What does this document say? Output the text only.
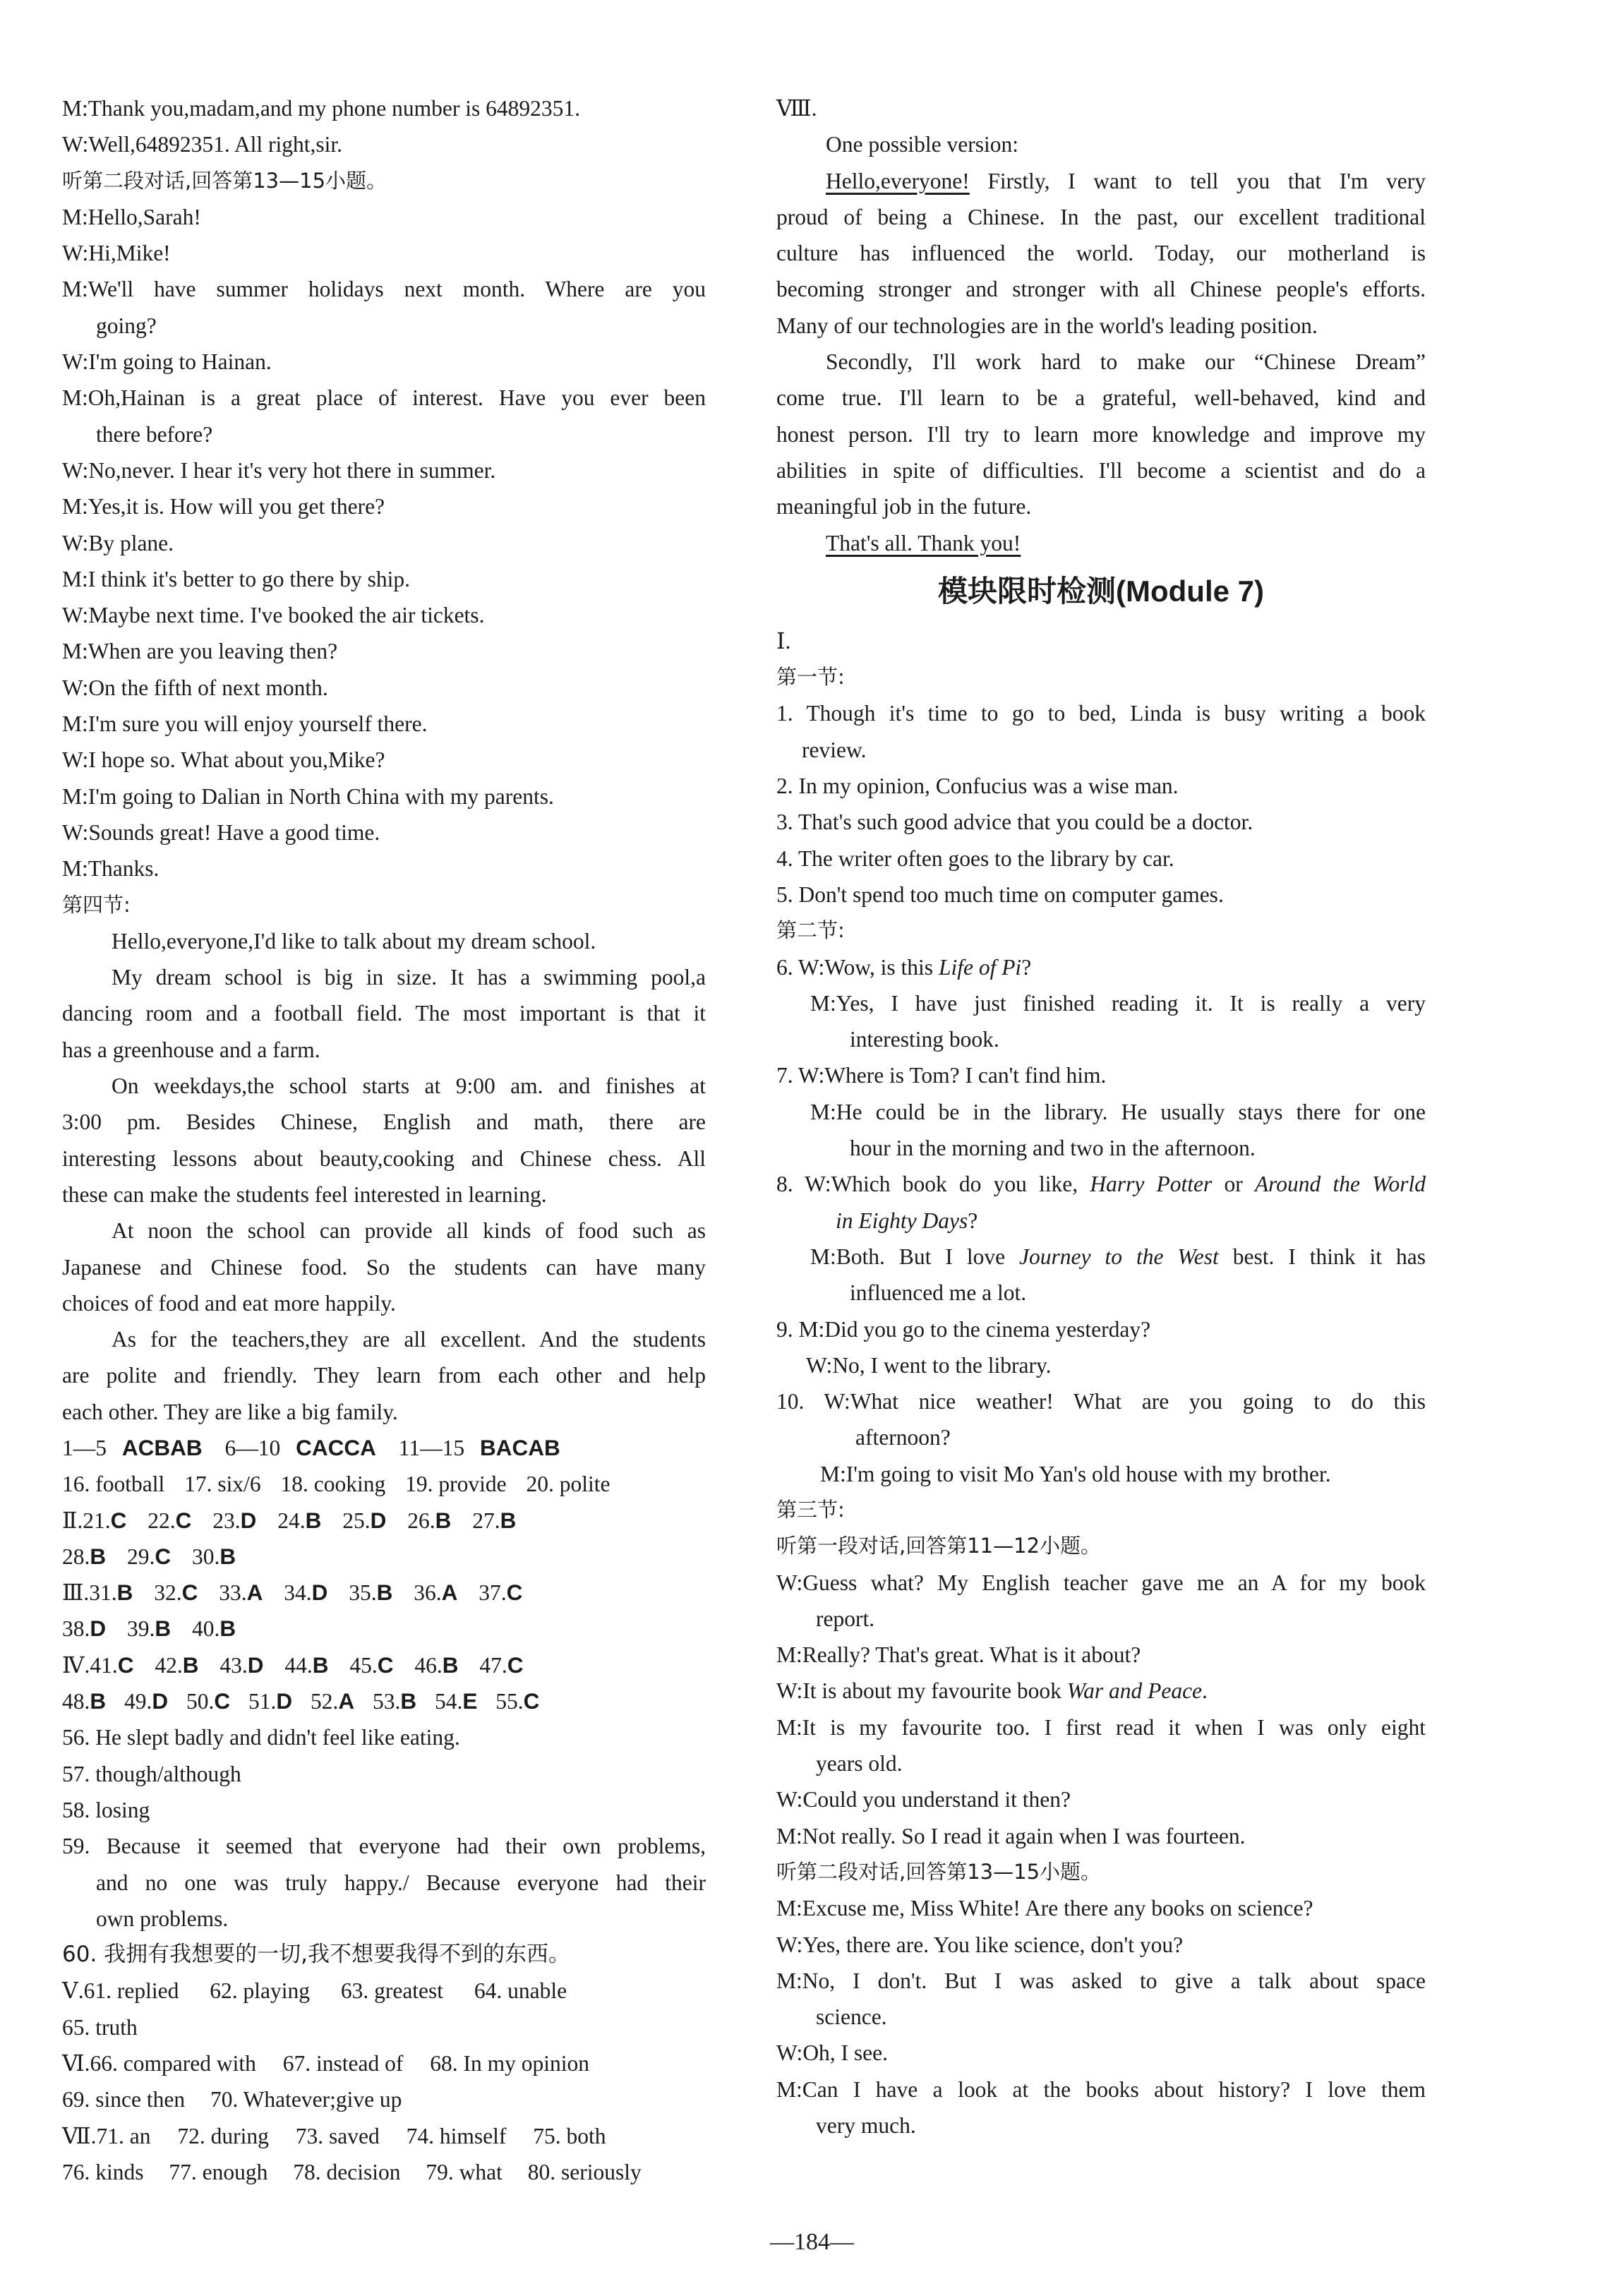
M:Thank you,madam,and my phone number is 64892351.
W:Well,64892351. All right,sir.
听第二段对话,回答第13—15小题。
M:Hello,Sarah!
W:Hi,Mike!
M:We'll have summer holidays next month. Where are you
going?
W:I'm going to Hainan.
M:Oh,Hainan is a great place of interest. Have you ever been
there before?
W:No,never. I hear it's very hot there in summer.
M:Yes,it is. How will you get there?
W:By plane.
M:I think it's better to go there by ship.
W:Maybe next time. I've booked the air tickets.
M:When are you leaving then?
W:On the fifth of next month.
M:I'm sure you will enjoy yourself there.
W:I hope so. What about you,Mike?
M:I'm going to Dalian in North China with my parents.
W:Sounds great! Have a good time.
M:Thanks.
第四节:
Hello,everyone,I'd like to talk about my dream school.
My dream school is big in size. It has a swimming pool,a
dancing room and a football field. The most important is that it
has a greenhouse and a farm.
On weekdays,the school starts at 9:00 am. and finishes at
3:00 pm. Besides Chinese, English and math, there are
interesting lessons about beauty,cooking and Chinese chess. All
these can make the students feel interested in learning.
At noon the school can provide all kinds of food such as
Japanese and Chinese food. So the students can have many
choices of food and eat more happily.
As for the teachers,they are all excellent. And the students
are polite and friendly. They learn from each other and help
each other. They are like a big family.
1—5 ACBAB 6—10 CACCA 11—15 BACAB
16. football 17. six/6 18. cooking 19. provide 20. polite
Ⅱ.21.C 22.C 23.D 24.B 25.D 26.B 27.B
28.B 29.C 30.B
Ⅲ.31.B 32.C 33.A 34.D 35.B 36.A 37.C
38.D 39.B 40.B
Ⅳ.41.C 42.B 43.D 44.B 45.C 46.B 47.C
48.B 49.D 50.C 51.D 52.A 53.B 54.E 55.C
56. He slept badly and didn't feel like eating.
57. though/although
58. losing
59. Because it seemed that everyone had their own problems,
and no one was truly happy./ Because everyone had their
own problems.
60. 我拥有我想要的一切,我不想要我得不到的东西。
Ⅴ.61. replied 62. playing 63. greatest 64. unable
65. truth
Ⅵ.66. compared with 67. instead of 68. In my opinion
69. since then 70. Whatever;give up
Ⅶ.71. an 72. during 73. saved 74. himself 75. both
76. kinds 77. enough 78. decision 79. what 80. seriously
Ⅷ.
One possible version:
Hello,everyone! Firstly, I want to tell you that I'm very
proud of being a Chinese. In the past, our excellent traditional
culture has influenced the world. Today, our motherland is
becoming stronger and stronger with all Chinese people's efforts.
Many of our technologies are in the world's leading position.
Secondly, I'll work hard to make our “Chinese Dream”
come true. I'll learn to be a grateful, well-behaved, kind and
honest person. I'll try to learn more knowledge and improve my
abilities in spite of difficulties. I'll become a scientist and do a
meaningful job in the future.
That's all. Thank you!
模块限时检测(Module 7)
Ⅰ.
第一节:
1. Though it's time to go to bed, Linda is busy writing a book
review.
2. In my opinion, Confucius was a wise man.
3. That's such good advice that you could be a doctor.
4. The writer often goes to the library by car.
5. Don't spend too much time on computer games.
第二节:
6. W:Wow, is this Life of Pi?
M:Yes, I have just finished reading it. It is really a very
interesting book.
7. W:Where is Tom? I can't find him.
M:He could be in the library. He usually stays there for one
hour in the morning and two in the afternoon.
8. W:Which book do you like, Harry Potter or Around the World
in Eighty Days?
M:Both. But I love Journey to the West best. I think it has
influenced me a lot.
9. M:Did you go to the cinema yesterday?
W:No, I went to the library.
10. W:What nice weather! What are you going to do this
afternoon?
M:I'm going to visit Mo Yan's old house with my brother.
第三节:
听第一段对话,回答第11—12小题。
W:Guess what? My English teacher gave me an A for my book
report.
M:Really? That's great. What is it about?
W:It is about my favourite book War and Peace.
M:It is my favourite too. I first read it when I was only eight
years old.
W:Could you understand it then?
M:Not really. So I read it again when I was fourteen.
听第二段对话,回答第13—15小题。
M:Excuse me, Miss White! Are there any books on science?
W:Yes, there are. You like science, don't you?
M:No, I don't. But I was asked to give a talk about space
science.
W:Oh, I see.
M:Can I have a look at the books about history? I love them
very much.
—184—
